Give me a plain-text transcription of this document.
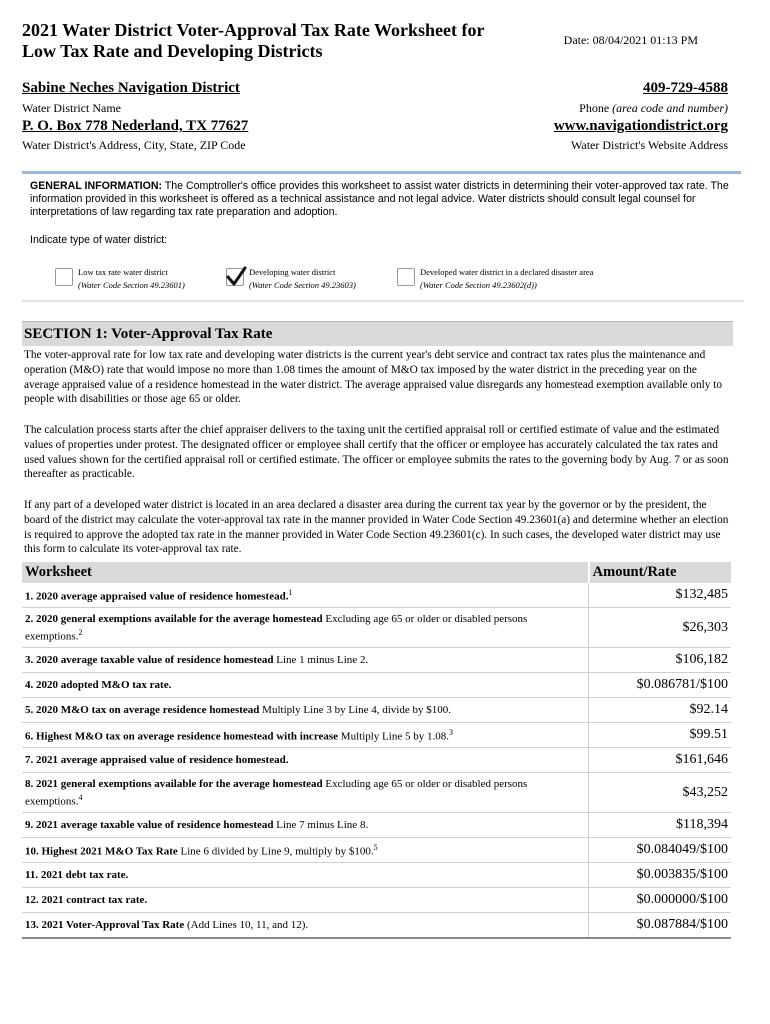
2021 Water District Voter-Approval Tax Rate Worksheet for Low Tax Rate and Developing Districts
Date: 08/04/2021 01:13 PM
Sabine Neches Navigation District
Water District Name
409-729-4588
Phone (area code and number)
P. O. Box 778 Nederland, TX 77627
Water District's Address, City, State, ZIP Code
www.navigationdistrict.org
Water District's Website Address
GENERAL INFORMATION: The Comptroller's office provides this worksheet to assist water districts in determining their voter-approved tax rate. The information provided in this worksheet is offered as a technical assistance and not legal advice. Water districts should consult legal counsel for interpretations of law regarding tax rate preparation and adoption.
Indicate type of water district:
Low tax rate water district
(Water Code Section 49.23601)
Developing water district
(Water Code Section 49.23603)
Developed water district in a declared disaster area
(Water Code Section 49.23602(d))
SECTION 1: Voter-Approval Tax Rate
The voter-approval rate for low tax rate and developing water districts is the current year's debt service and contract tax rates plus the maintenance and operation (M&O) rate that would impose no more than 1.08 times the amount of M&O tax imposed by the water district in the preceding year on the average appraised value of a residence homestead in the water district. The average appraised value disregards any homestead exemption available only to people with disabilities or those age 65 or older.
The calculation process starts after the chief appraiser delivers to the taxing unit the certified appraisal roll or certified estimate of value and the estimated values of properties under protest. The designated officer or employee shall certify that the officer or employee has accurately calculated the tax rates and used values shown for the certified appraisal roll or certified estimate. The officer or employee submits the rates to the governing body by Aug. 7 or as soon thereafter as practicable.
If any part of a developed water district is located in an area declared a disaster area during the current tax year by the governor or by the president, the board of the district may calculate the voter-approval tax rate in the manner provided in Water Code Section 49.23601(a) and determine whether an election is required to approve the adopted tax rate in the manner provided in Water Code Section 49.23601(c). In such cases, the developed water district may use this form to calculate its voter-approval tax rate.
Worksheet	Amount/Rate
1. 2020 average appraised value of residence homestead.$^1$	$132,485
2. 2020 general exemptions available for the average homestead Excluding age 65 or older or disabled persons exemptions.$^2$	$26,303
3. 2020 average taxable value of residence homestead Line 1 minus Line 2.	$106,182
4. 2020 adopted M&O tax rate.	$0.086781/$100
5. 2020 M&O tax on average residence homestead Multiply Line 3 by Line 4, divide by $100.	$92.14
6. Highest M&O tax on average residence homestead with increase Multiply Line 5 by 1.08.$^3$	$99.51
7. 2021 average appraised value of residence homestead.	$161,646
8. 2021 general exemptions available for the average homestead Excluding age 65 or older or disabled persons exemptions.$^4$	$43,252
9. 2021 average taxable value of residence homestead Line 7 minus Line 8.	$118,394
10. Highest 2021 M&O Tax Rate Line 6 divided by Line 9, multiply by $100.$^5$	$0.084049/$100
11. 2021 debt tax rate.	$0.003835/$100
12. 2021 contract tax rate.	$0.000000/$100
13. 2021 Voter-Approval Tax Rate (Add Lines 10, 11, and 12).	$0.087884/$100
